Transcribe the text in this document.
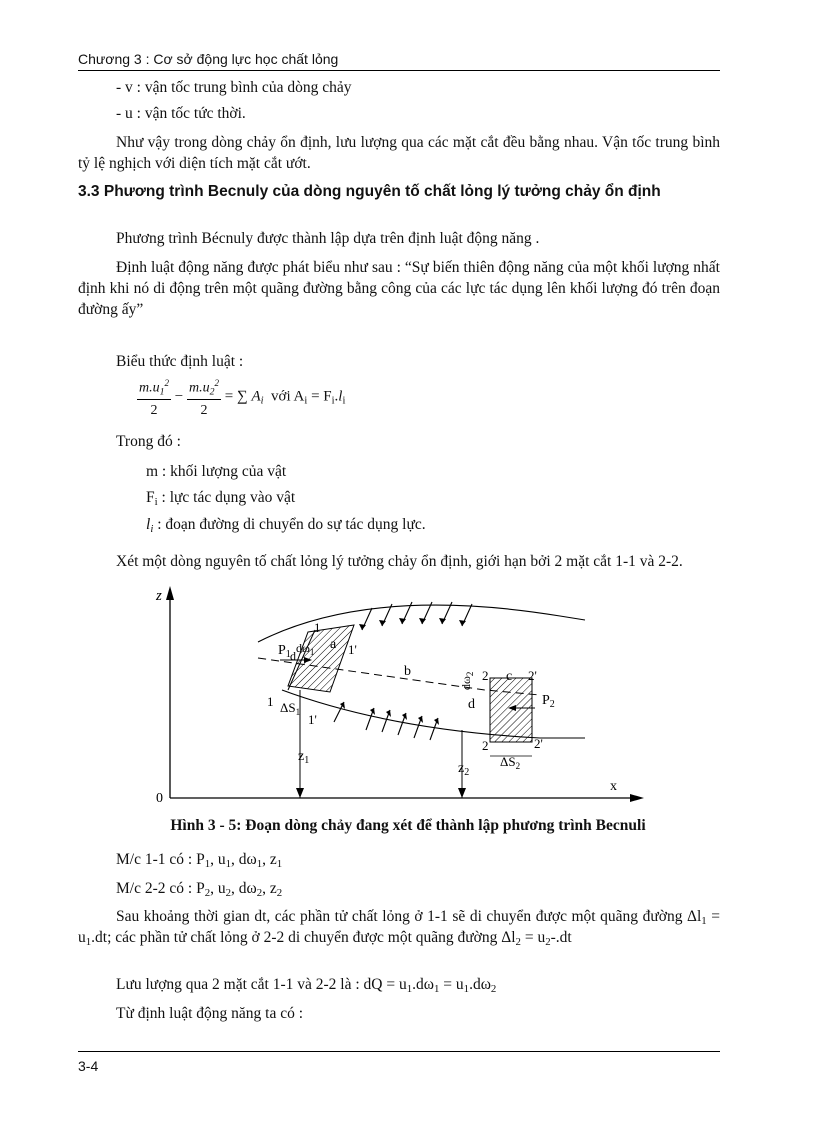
Chương 3 : Cơ sở động lực học chất lỏng
- v : vận tốc trung bình của dòng chảy
- u : vận tốc tức thời.
Như vậy trong dòng chảy ổn định, lưu lượng qua các mặt cắt đều bằng nhau. Vận tốc trung bình tỷ lệ nghịch với diện tích mặt cắt ướt.
3.3 Phương trình Becnuly của dòng nguyên tố chất lỏng lý tưởng chảy ổn định
Phương trình Bécnuly được thành lập dựa trên định luật động năng .
Định luật động năng được phát biểu như sau : “Sự biến thiên động năng của một khối lượng nhất định khi nó di động trên một quãng đường bằng công của các lực tác dụng lên khối lượng đó trên đoạn đường ấy”
Biểu thức định luật :
$\frac{m.u_1^2}{2} - \frac{m.u_2^2}{2}$ = ∑ $A_i$ với $A_i = F_i.l_i$
Trong đó :
m : khối lượng của vật
$F_i$ : lực tác dụng vào vật
$l_i$ : đoạn đường di chuyển do sự tác dụng lực.
Xét một dòng nguyên tố chất lỏng lý tưởng chảy ổn định, giới hạn bởi 2 mặt cắt 1-1 và 2-2.
z
x
0
$z_1$
$z_2$
$P_1$
$P_2$
$d\omega_1$
d
$d\omega_2$
d
a
b	c
1
1'
1
1'
2	2'
2	2'
$\Delta S_1$
$\Delta S_2$
Hình 3 - 5: Đoạn dòng chảy đang xét để thành lập phương trình Becnuli
M/c 1-1 có : $P_1$, $u_1$, $d\omega_1$, $z_1$
M/c 2-2 có : $P_2$, $u_2$, $d\omega_2$, $z_2$
Sau khoảng thời gian dt, các phần tử chất lỏng ở 1-1 sẽ di chuyển được một quãng đường $\Delta l_1 = u_1.dt$; các phần tử chất lỏng ở 2-2 di chuyển được một quãng đường $\Delta l_2 = u_2-.dt$
Lưu lượng qua 2 mặt cắt 1-1 và 2-2 là : dQ = $u_1.d\omega_1 = u_1.d\omega_2$
Từ định luật động năng ta có :
3-4
